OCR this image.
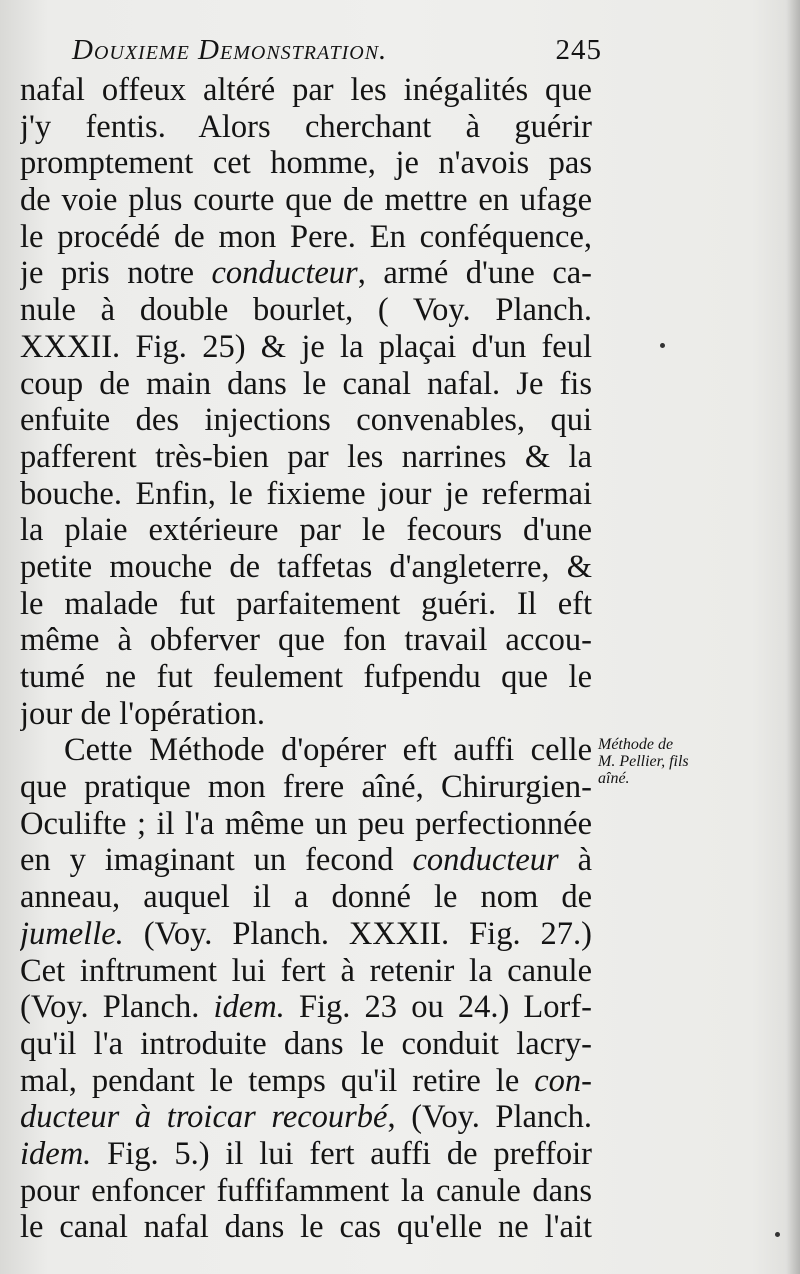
Douxieme Demonstration.	245
nafal offeux altéré par les inégalités que
j'y fentis. Alors cherchant à guérir
promptement cet homme, je n'avois pas
de voie plus courte que de mettre en ufage
le procédé de mon Pere. En conféquence,
je pris notre conducteur, armé d'une ca-
nule à double bourlet, ( Voy. Planch.
XXXII. Fig. 25) & je la plaçai d'un feul
coup de main dans le canal nafal. Je fis
enfuite des injections convenables, qui
pafferent très-bien par les narrines & la
bouche. Enfin, le fixieme jour je refermai
la plaie extérieure par le fecours d'une
petite mouche de taffetas d'angleterre, &
le malade fut parfaitement guéri. Il eft
même à obferver que fon travail accou-
tumé ne fut feulement fufpendu que le
jour de l'opération.
Cette Méthode d'opérer eft auffi celle
que pratique mon frere aîné, Chirurgien-
Oculifte ; il l'a même un peu perfectionnée
en y imaginant un fecond conducteur à
anneau, auquel il a donné le nom de
jumelle. (Voy. Planch. XXXII. Fig. 27.)
Cet inftrument lui fert à retenir la canule
(Voy. Planch. idem. Fig. 23 ou 24.) Lorf-
qu'il l'a introduite dans le conduit lacry-
mal, pendant le temps qu'il retire le con-
ducteur à troicar recourbé, (Voy. Planch.
idem. Fig. 5.) il lui fert auffi de preffoir
pour enfoncer fuffifamment la canule dans
le canal nafal dans le cas qu'elle ne l'ait
Méthode de
M. Pellier, fils
aîné.
